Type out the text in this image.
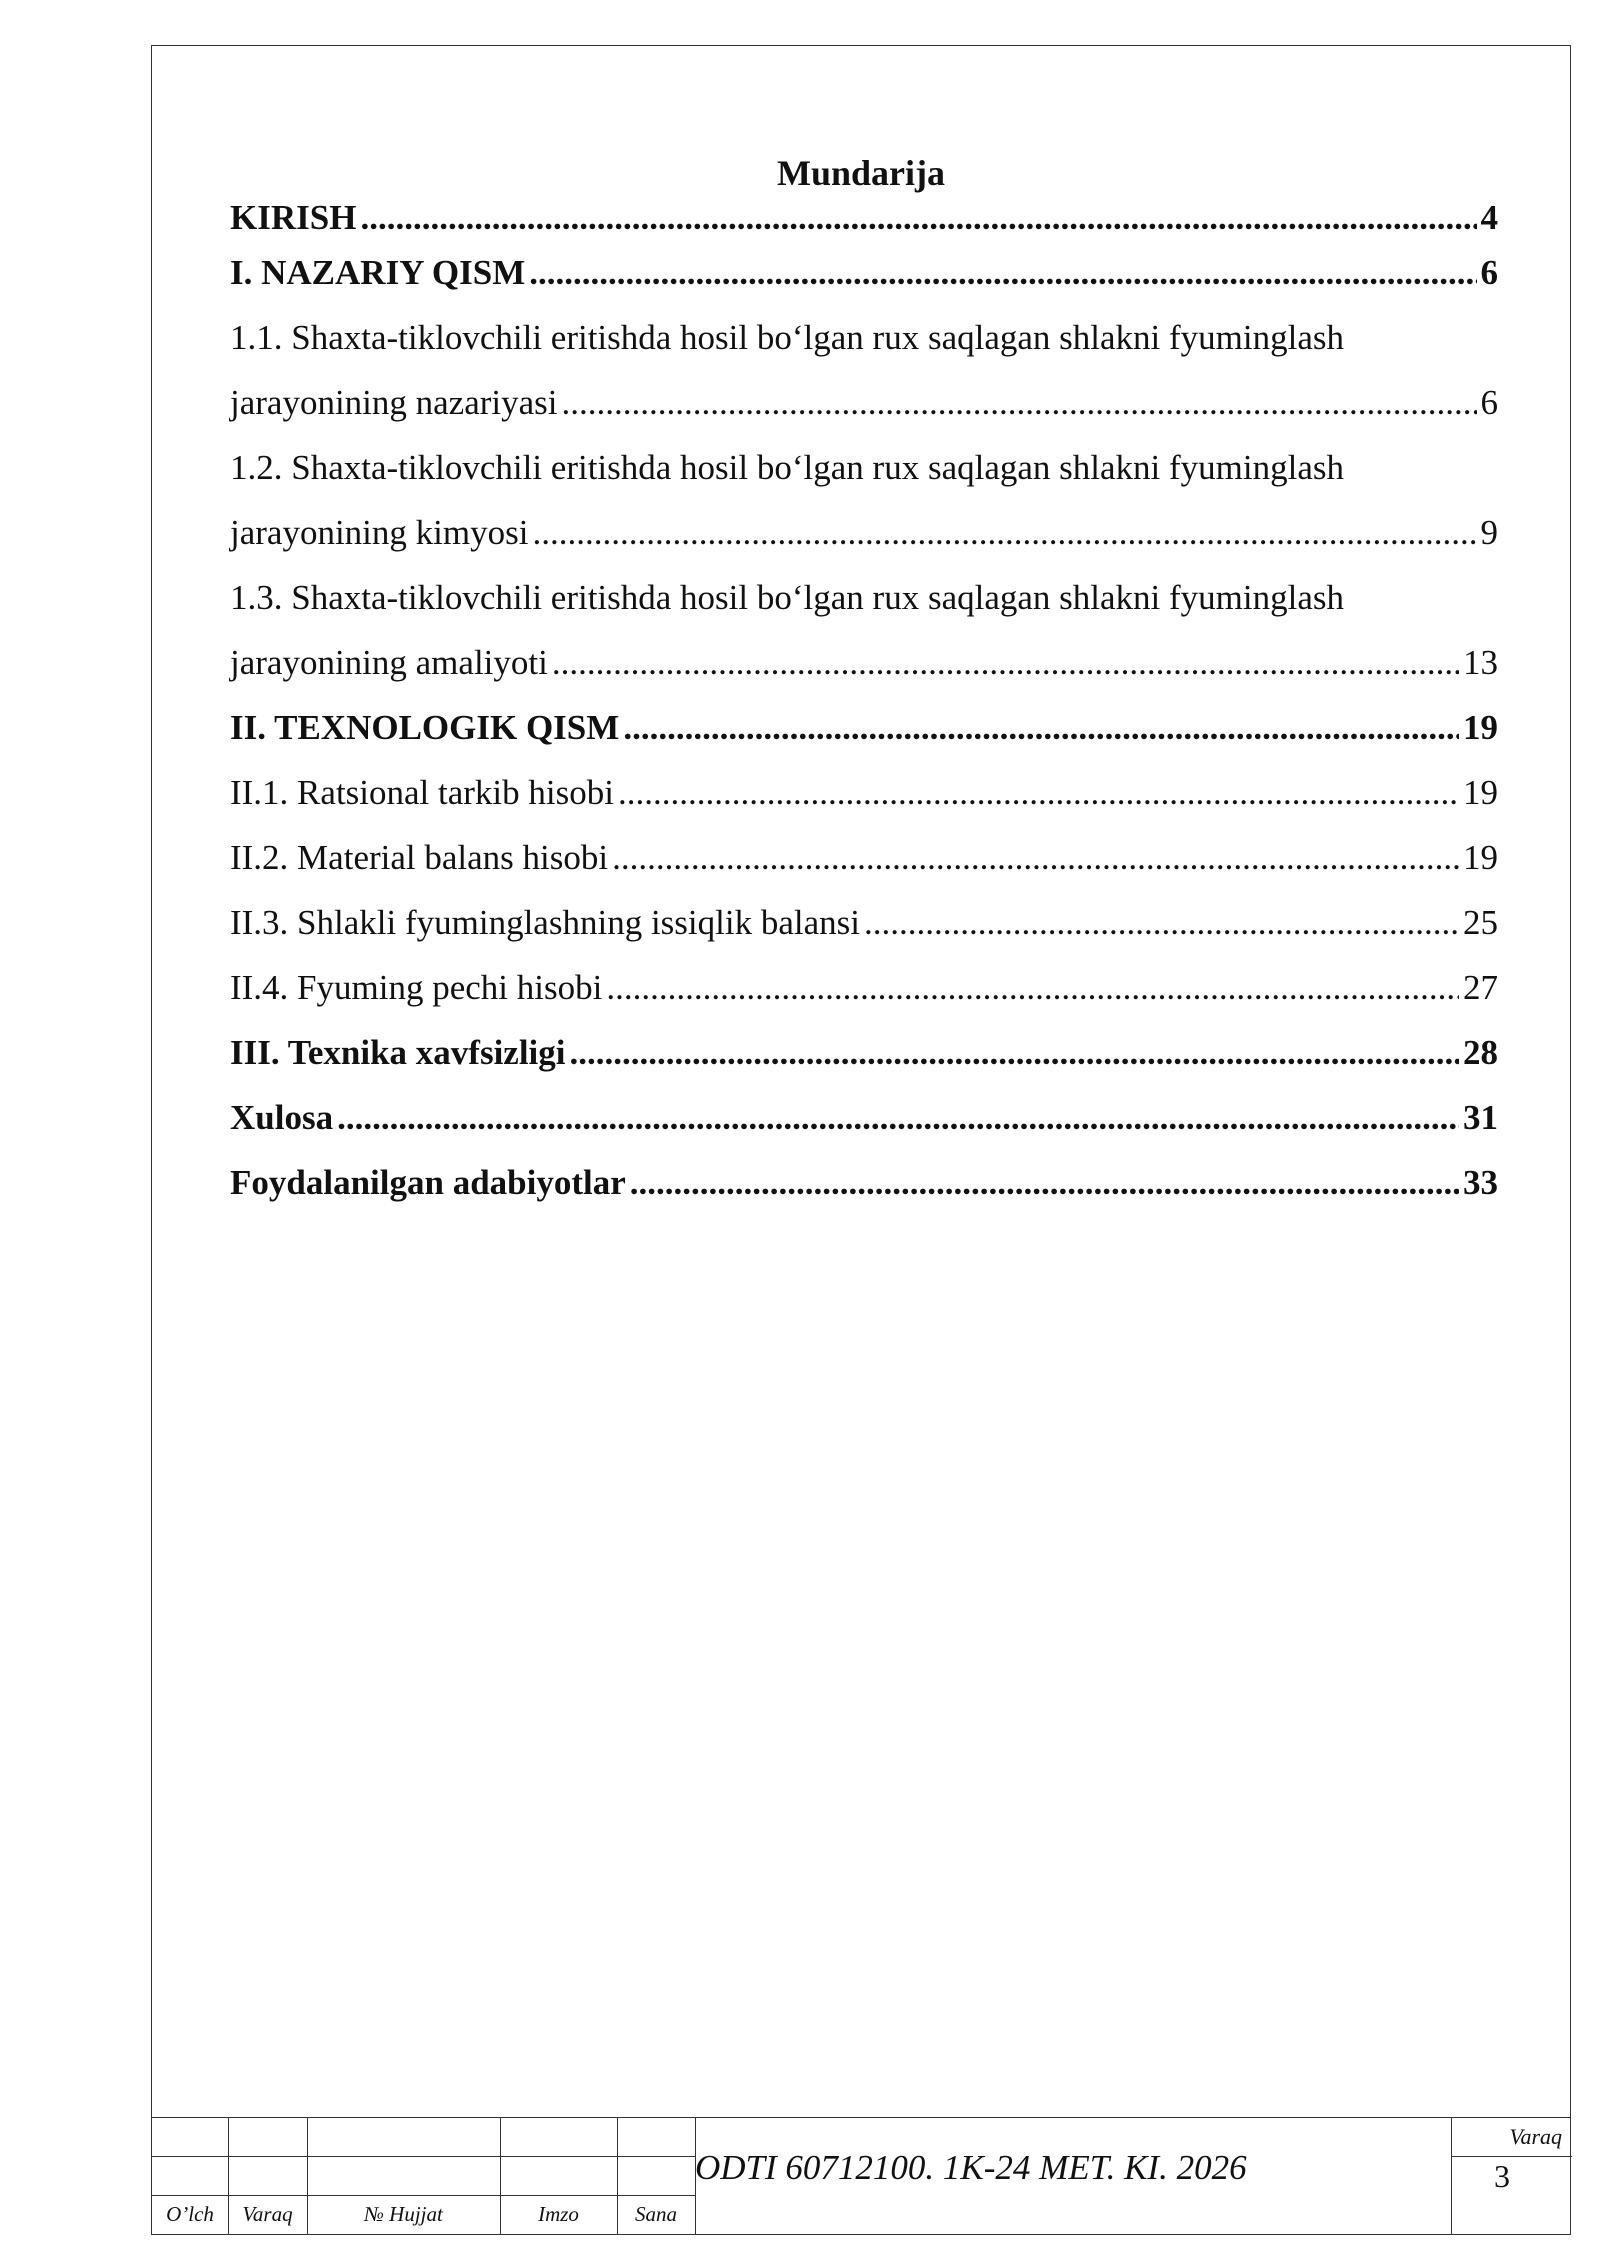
Mundarija
KIRISH .....	4
I. NAZARIY QISM .....	6
1.1. Shaxta-tiklovchili eritishda hosil bo‘lgan rux saqlagan shlakni fyuminglash
jarayonining nazariyasi .....	6
1.2. Shaxta-tiklovchili eritishda hosil bo‘lgan rux saqlagan shlakni fyuminglash
jarayonining kimyosi .....	9
1.3. Shaxta-tiklovchili eritishda hosil bo‘lgan rux saqlagan shlakni fyuminglash
jarayonining amaliyoti .....	13
II. TEXNOLOGIK QISM .....	19
II.1. Ratsional tarkib hisobi .....	19
II.2. Material balans hisobi .....	19
II.3. Shlakli fyuminglashning issiqlik balansi .....	25
II.4. Fyuming pechi hisobi .....	27
III. Texnika xavfsizligi .....	28
Xulosa .....	31
Foydalanilgan adabiyotlar .....	33
O’lch	Varaq	№ Hujjat	Imzo	Sana
ODTI 60712100. 1K-24 MET. KI. 2026
Varaq
3
